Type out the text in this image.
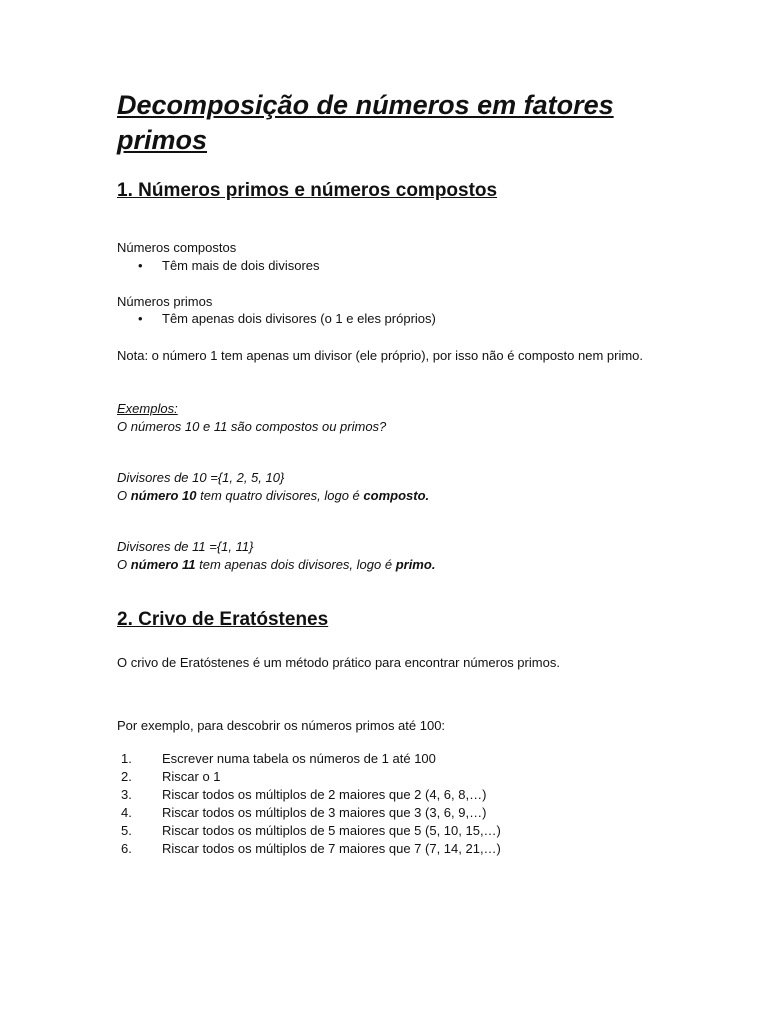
Decomposição de números em fatores primos
1. Números primos e números compostos

Números compostos

• Têm mais de dois divisores

Números primos

• Têm apenas dois divisores (o 1 e eles próprios)

Nota: o número 1 tem apenas um divisor (ele próprio), por isso não é composto nem primo.

Exemplos:

O números 10 e 11 são compostos ou primos?

Divisores de 10 ={1, 2, 5, 10}

O número 10 tem quatro divisores, logo é composto.

Divisores de 11 ={1, 11}

O número 11 tem apenas dois divisores, logo é primo.

2. Crivo de Eratóstenes

O crivo de Eratóstenes é um método prático para encontrar números primos.

Por exemplo, para descobrir os números primos até 100:

1. Escrever numa tabela os números de 1 até 100
2. Riscar o 1
3. Riscar todos os múltiplos de 2 maiores que 2 (4, 6, 8,…)
4. Riscar todos os múltiplos de 3 maiores que 3 (3, 6, 9,…)
5. Riscar todos os múltiplos de 5 maiores que 5 (5, 10, 15,…)
6. Riscar todos os múltiplos de 7 maiores que 7 (7, 14, 21,…)
